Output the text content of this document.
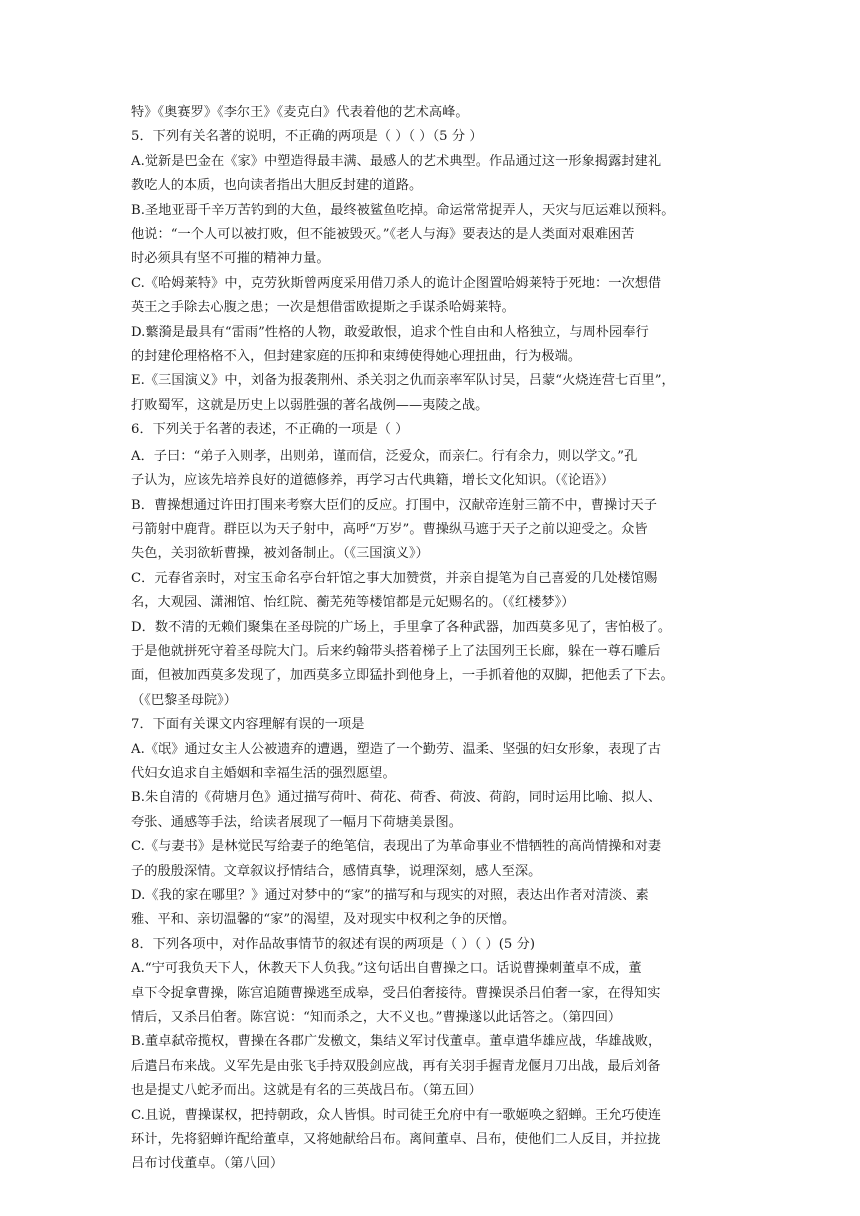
特》《奥赛罗》《李尔王》《麦克白》代表着他的艺术高峰。
5．下列有关名著的说明，不正确的两项是（ ）（ ）（5 分 ）
A.觉新是巴金在《家》中塑造得最丰满、最感人的艺术典型。作品通过这一形象揭露封建礼
教吃人的本质，也向读者指出大胆反封建的道路。
B.圣地亚哥千辛万苦钓到的大鱼，最终被鲨鱼吃掉。命运常常捉弄人，天灾与厄运难以预料。
他说：“一个人可以被打败，但不能被毁灭。”《老人与海》要表达的是人类面对艰难困苦
时必须具有坚不可摧的精神力量。
C.《哈姆莱特》中，克劳狄斯曾两度采用借刀杀人的诡计企图置哈姆莱特于死地：一次想借
英王之手除去心腹之患；一次是想借雷欧提斯之手谋杀哈姆莱特。
D.蘩漪是最具有“雷雨”性格的人物，敢爱敢恨，追求个性自由和人格独立，与周朴园奉行
的封建伦理格格不入，但封建家庭的压抑和束缚使得她心理扭曲，行为极端。
E.《三国演义》中，刘备为报袭荆州、杀关羽之仇而亲率军队讨吴，吕蒙“火烧连营七百里”，
打败蜀军，这就是历史上以弱胜强的著名战例——夷陵之战。
6．下列关于名著的表述，不正确的一项是（ ）
A．子曰：“弟子入则孝，出则弟，谨而信，泛爱众，而亲仁。行有余力，则以学文。”孔
子认为，应该先培养良好的道德修养，再学习古代典籍，增长文化知识。（《论语》）
B．曹操想通过许田打围来考察大臣们的反应。打围中，汉献帝连射三箭不中，曹操讨天子
弓箭射中鹿背。群臣以为天子射中，高呼“万岁”。曹操纵马遮于天子之前以迎受之。众皆
失色，关羽欲斩曹操，被刘备制止。（《三国演义》）
C．元春省亲时，对宝玉命名亭台轩馆之事大加赞赏，并亲自提笔为自己喜爱的几处楼馆赐
名，大观园、潇湘馆、怡红院、蘅芜苑等楼馆都是元妃赐名的。（《红楼梦》）
D．数不清的无赖们聚集在圣母院的广场上，手里拿了各种武器，加西莫多见了，害怕极了。
于是他就拼死守着圣母院大门。后来约翰带头搭着梯子上了法国列王长廊，躲在一尊石雕后
面，但被加西莫多发现了，加西莫多立即猛扑到他身上，一手抓着他的双脚，把他丢了下去。
（《巴黎圣母院》）
7．下面有关课文内容理解有误的一项是
A.《氓》通过女主人公被遗弃的遭遇，塑造了一个勤劳、温柔、坚强的妇女形象，表现了古
代妇女追求自主婚姻和幸福生活的强烈愿望。
B.朱自清的《荷塘月色》通过描写荷叶、荷花、荷香、荷波、荷韵，同时运用比喻、拟人、
夸张、通感等手法，给读者展现了一幅月下荷塘美景图。
C.《与妻书》是林觉民写给妻子的绝笔信，表现出了为革命事业不惜牺牲的高尚情操和对妻
子的殷殷深情。文章叙议抒情结合，感情真挚，说理深刻，感人至深。
D.《我的家在哪里？》通过对梦中的“家”的描写和与现实的对照，表达出作者对清淡、素
雅、平和、亲切温馨的“家”的渴望，及对现实中权利之争的厌憎。
8．下列各项中，对作品故事情节的叙述有误的两项是（ ）（ ）(5 分)
A.“宁可我负天下人，休教天下人负我。”这句话出自曹操之口。话说曹操刺董卓不成，董
卓下令捉拿曹操，陈宫追随曹操逃至成皋，受吕伯奢接待。曹操误杀吕伯奢一家，在得知实
情后，又杀吕伯奢。陈宫说：“知而杀之，大不义也。”曹操遂以此话答之。（第四回）
B.董卓弑帝揽权，曹操在各郡广发檄文，集结义军讨伐董卓。董卓遣华雄应战，华雄战败，
后遣吕布来战。义军先是由张飞手持双股剑应战，再有关羽手握青龙偃月刀出战，最后刘备
也是提丈八蛇矛而出。这就是有名的三英战吕布。（第五回）
C.且说，曹操谋权，把持朝政，众人皆惧。时司徒王允府中有一歌姬唤之貂蝉。王允巧使连
环计，先将貂蝉许配给董卓，又将她献给吕布。离间董卓、吕布，使他们二人反目，并拉拢
吕布讨伐董卓。（第八回）
